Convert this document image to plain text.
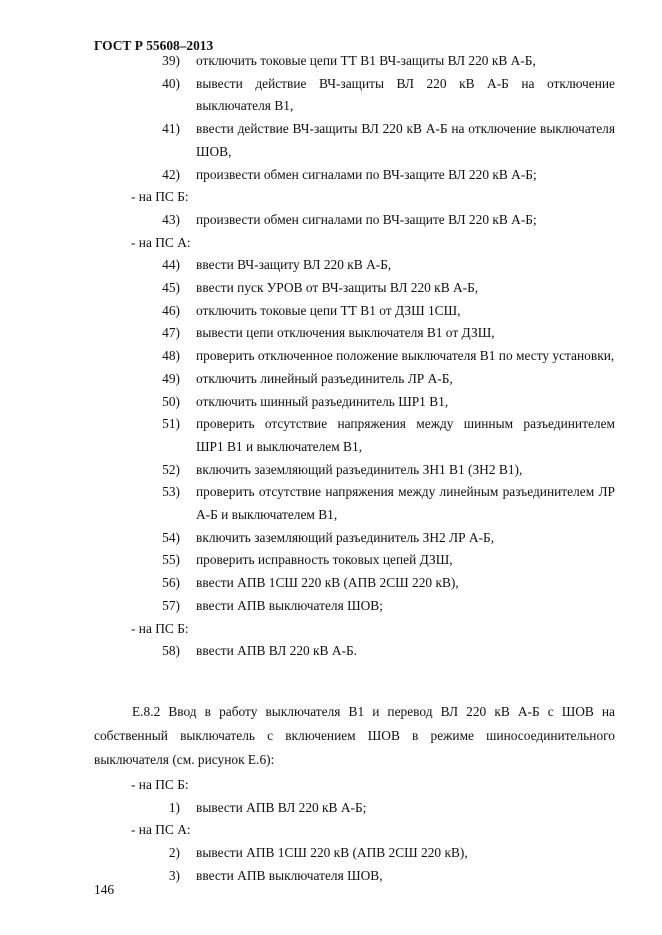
ГОСТ Р 55608–2013
39) отключить токовые цепи ТТ В1 ВЧ-защиты ВЛ 220 кВ А-Б,
40) вывести действие ВЧ-защиты ВЛ 220 кВ А-Б на отключение
выключателя В1,
41) ввести действие ВЧ-защиты ВЛ 220 кВ А-Б на отключение выключателя
ШОВ,
42) произвести обмен сигналами по ВЧ-защите ВЛ 220 кВ А-Б;
- на ПС Б:
43) произвести обмен сигналами по ВЧ-защите ВЛ 220 кВ А-Б;
- на ПС А:
44) ввести ВЧ-защиту ВЛ 220 кВ А-Б,
45) ввести пуск УРОВ от ВЧ-защиты ВЛ 220 кВ А-Б,
46) отключить токовые цепи ТТ В1 от ДЗШ 1СШ,
47) вывести цепи отключения выключателя В1 от ДЗШ,
48) проверить отключенное положение выключателя В1 по месту установки,
49) отключить линейный разъединитель ЛР А-Б,
50) отключить шинный разъединитель ШР1 В1,
51) проверить отсутствие напряжения между шинным разъединителем
ШР1 В1 и выключателем В1,
52) включить заземляющий разъединитель ЗН1 В1 (ЗН2 В1),
53) проверить отсутствие напряжения между линейным разъединителем ЛР
А-Б и выключателем В1,
54) включить заземляющий разъединитель ЗН2 ЛР А-Б,
55) проверить исправность токовых цепей ДЗШ,
56) ввести АПВ 1СШ 220 кВ (АПВ 2СШ 220 кВ),
57) ввести АПВ выключателя ШОВ;
- на ПС Б:
58) ввести АПВ ВЛ 220 кВ А-Б.
Е.8.2 Ввод в работу выключателя В1 и перевод ВЛ 220 кВ А-Б с ШОВ на
собственный выключатель с включением ШОВ в режиме шиносоединительного
выключателя (см. рисунок Е.6):
- на ПС Б:
1) вывести АПВ ВЛ 220 кВ А-Б;
- на ПС А:
2) вывести АПВ 1СШ 220 кВ (АПВ 2СШ 220 кВ),
3) ввести АПВ выключателя ШОВ,
146
